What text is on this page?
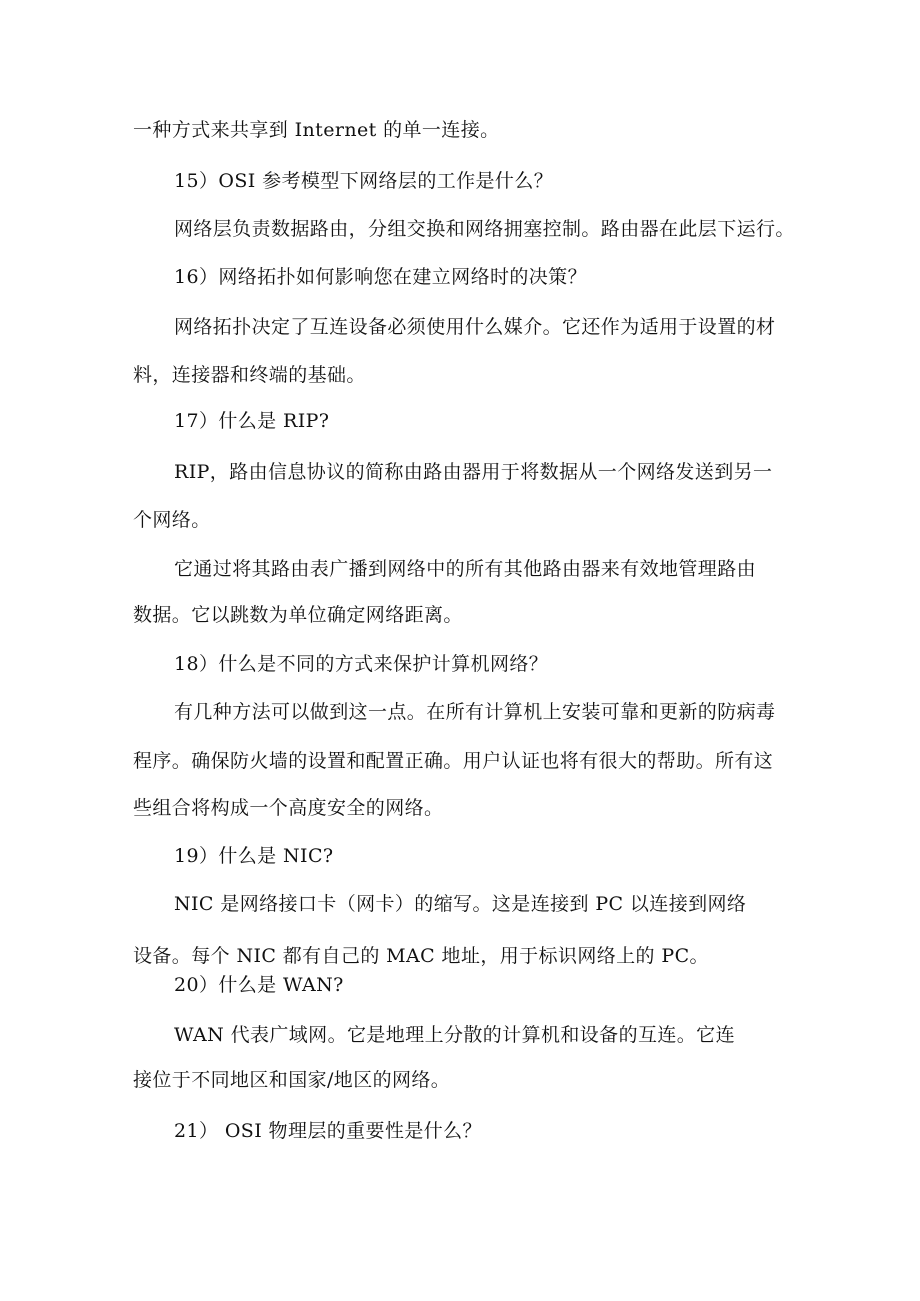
一种方式来共享到 Internet 的单一连接。
15）OSI 参考模型下网络层的工作是什么？
网络层负责数据路由，分组交换和网络拥塞控制。路由器在此层下运行。
16）网络拓扑如何影响您在建立网络时的决策？
网络拓扑决定了互连设备必须使用什么媒介。它还作为适用于设置的材
料，连接器和终端的基础。
17）什么是 RIP?
RIP，路由信息协议的简称由路由器用于将数据从一个网络发送到另一
个网络。
它通过将其路由表广播到网络中的所有其他路由器来有效地管理路由
数据。它以跳数为单位确定网络距离。
18）什么是不同的方式来保护计算机网络？
有几种方法可以做到这一点。在所有计算机上安装可靠和更新的防病毒
程序。确保防火墙的设置和配置正确。用户认证也将有很大的帮助。所有这
些组合将构成一个高度安全的网络。
19）什么是 NIC?
NIC 是网络接口卡（网卡）的缩写。这是连接到 PC 以连接到网络
设备。每个 NIC 都有自己的 MAC 地址，用于标识网络上的 PC。
20）什么是 WAN?
WAN 代表广域网。它是地理上分散的计算机和设备的互连。它连
接位于不同地区和国家/地区的网络。
21） OSI 物理层的重要性是什么？
